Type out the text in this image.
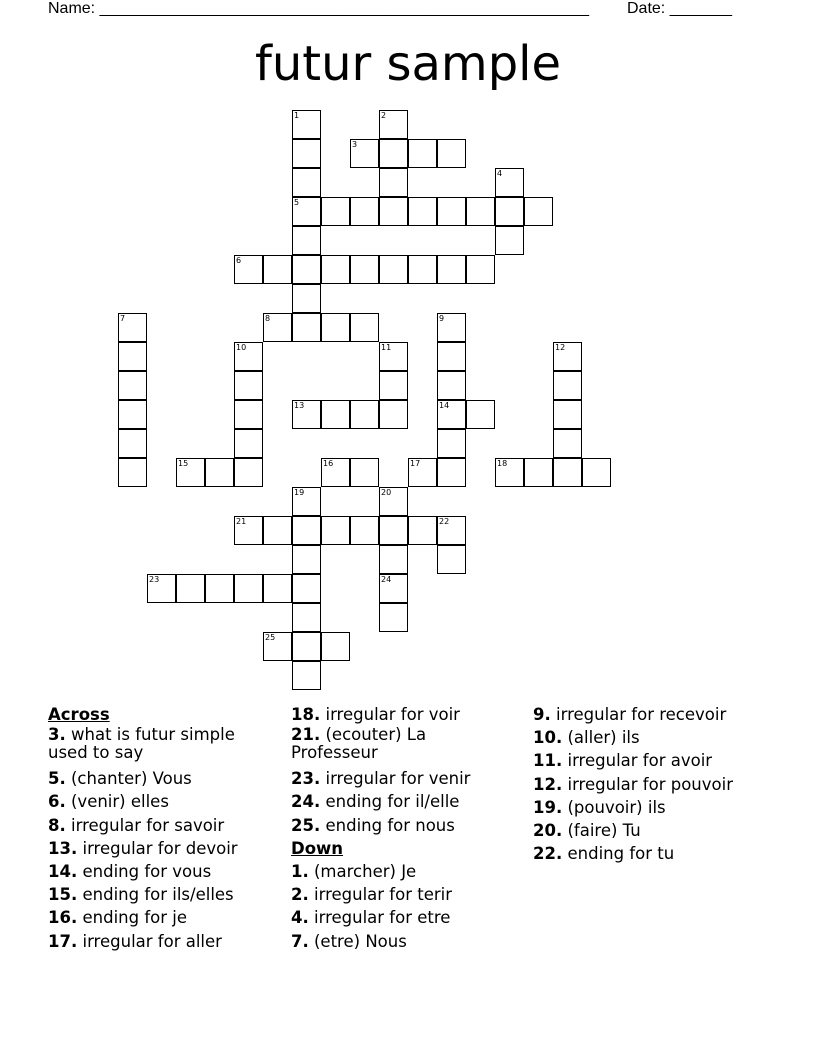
Name: _______________________________________________________ Date: _______
futur sample
1
5
2
3
4
6
7	8	9
14
10	11	12
13
15	16	17	18
19	20
21	22
23	24
25
Across
3. what is futur simple used to say
5. (chanter) Vous
6. (venir) elles
8. irregular for savoir
13. irregular for devoir
14. ending for vous
15. ending for ils/elles
16. ending for je
17. irregular for aller
18. irregular for voir
21. (ecouter) La Professeur
23. irregular for venir
24. ending for il/elle
25. ending for nous
Down
1. (marcher) Je
2. irregular for terir
4. irregular for etre
7. (etre) Nous
9. irregular for recevoir
10. (aller) ils
11. irregular for avoir
12. irregular for pouvoir
19. (pouvoir) ils
20. (faire) Tu
22. ending for tu
